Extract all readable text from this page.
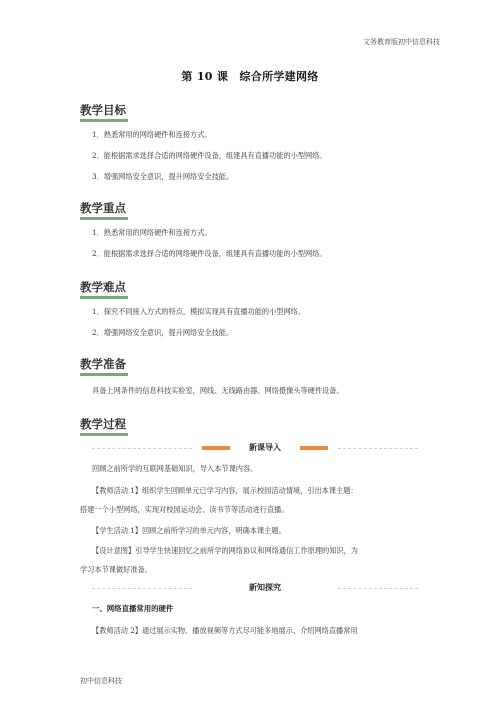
文务教育版初中信息科技
第 10 课　综合所学建网络
教学目标
1．熟悉常用的网络硬件和连接方式。
2．能根据需求选择合适的网络硬件设备，组建具有直播功能的小型网络。
3．增强网络安全意识，提升网络安全技能。
教学重点
1．熟悉常用的网络硬件和连接方式。
2．能根据需求选择合适的网络硬件设备，组建具有直播功能的小型网络。
教学难点
1．探究不同接入方式的特点，模拟实现具有直播功能的小型网络。
2．增强网络安全意识，提升网络安全技能。
教学准备
具备上网条件的信息科技实验室，网线、无线路由器、网络摄像头等硬件设备。
教学过程
新课导入
回顾之前所学的互联网基础知识，导入本节课内容。
【教师活动 1】组织学生回顾单元已学习内容，展示校园活动情境，引出本课主题：
搭建一个小型网络，实现对校园运动会、读书节等活动进行直播。
【学生活动 1】回顾之前所学习的单元内容，明确本课主题。
【设计意图】引导学生快速回忆之前所学的网络协议和网络通信工作原理的知识，为
学习本节课做好准备。
新知探究
一、网络直播常用的硬件
【教师活动 2】通过展示实物、播放视频等方式尽可能多地展示、介绍网络直播常用
初中信息科技
